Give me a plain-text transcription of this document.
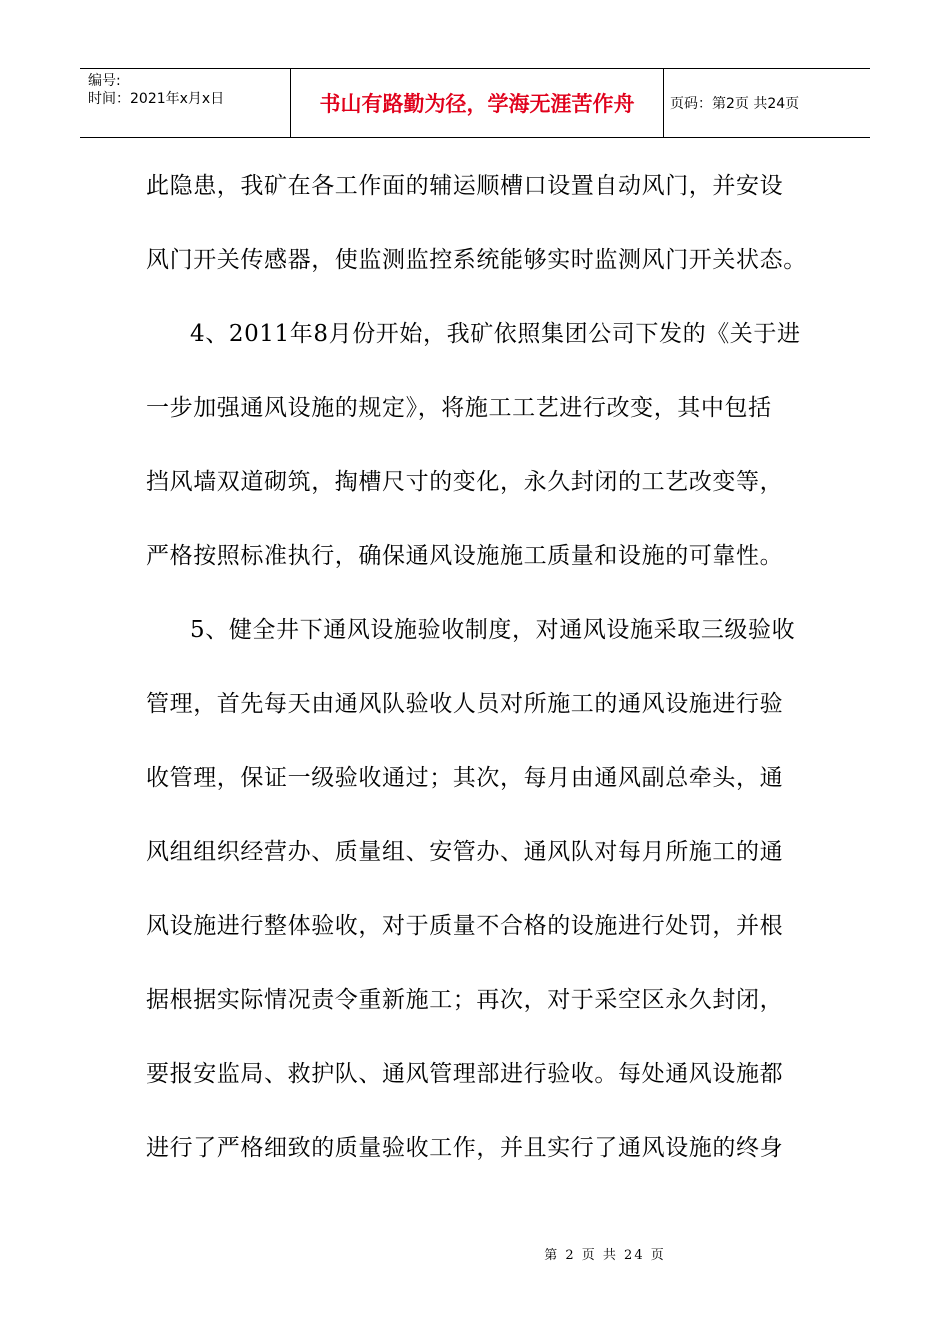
编号:
时间：2021年x月x日	书山有路勤为径，学海无涯苦作舟	页码：第2页 共24页
此隐患，我矿在各工作面的辅运顺槽口设置自动风门，并安设
风门开关传感器，使监测监控系统能够实时监测风门开关状态。
4、2011年8月份开始，我矿依照集团公司下发的《关于进
一步加强通风设施的规定》，将施工工艺进行改变，其中包括
挡风墙双道砌筑，掏槽尺寸的变化，永久封闭的工艺改变等，
严格按照标准执行，确保通风设施施工质量和设施的可靠性。
5、健全井下通风设施验收制度，对通风设施采取三级验收
管理，首先每天由通风队验收人员对所施工的通风设施进行验
收管理，保证一级验收通过；其次，每月由通风副总牵头，通
风组组织经营办、质量组、安管办、通风队对每月所施工的通
风设施进行整体验收，对于质量不合格的设施进行处罚，并根
据根据实际情况责令重新施工；再次，对于采空区永久封闭，
要报安监局、救护队、通风管理部进行验收。每处通风设施都
进行了严格细致的质量验收工作，并且实行了通风设施的终身
第 2 页 共 24 页
